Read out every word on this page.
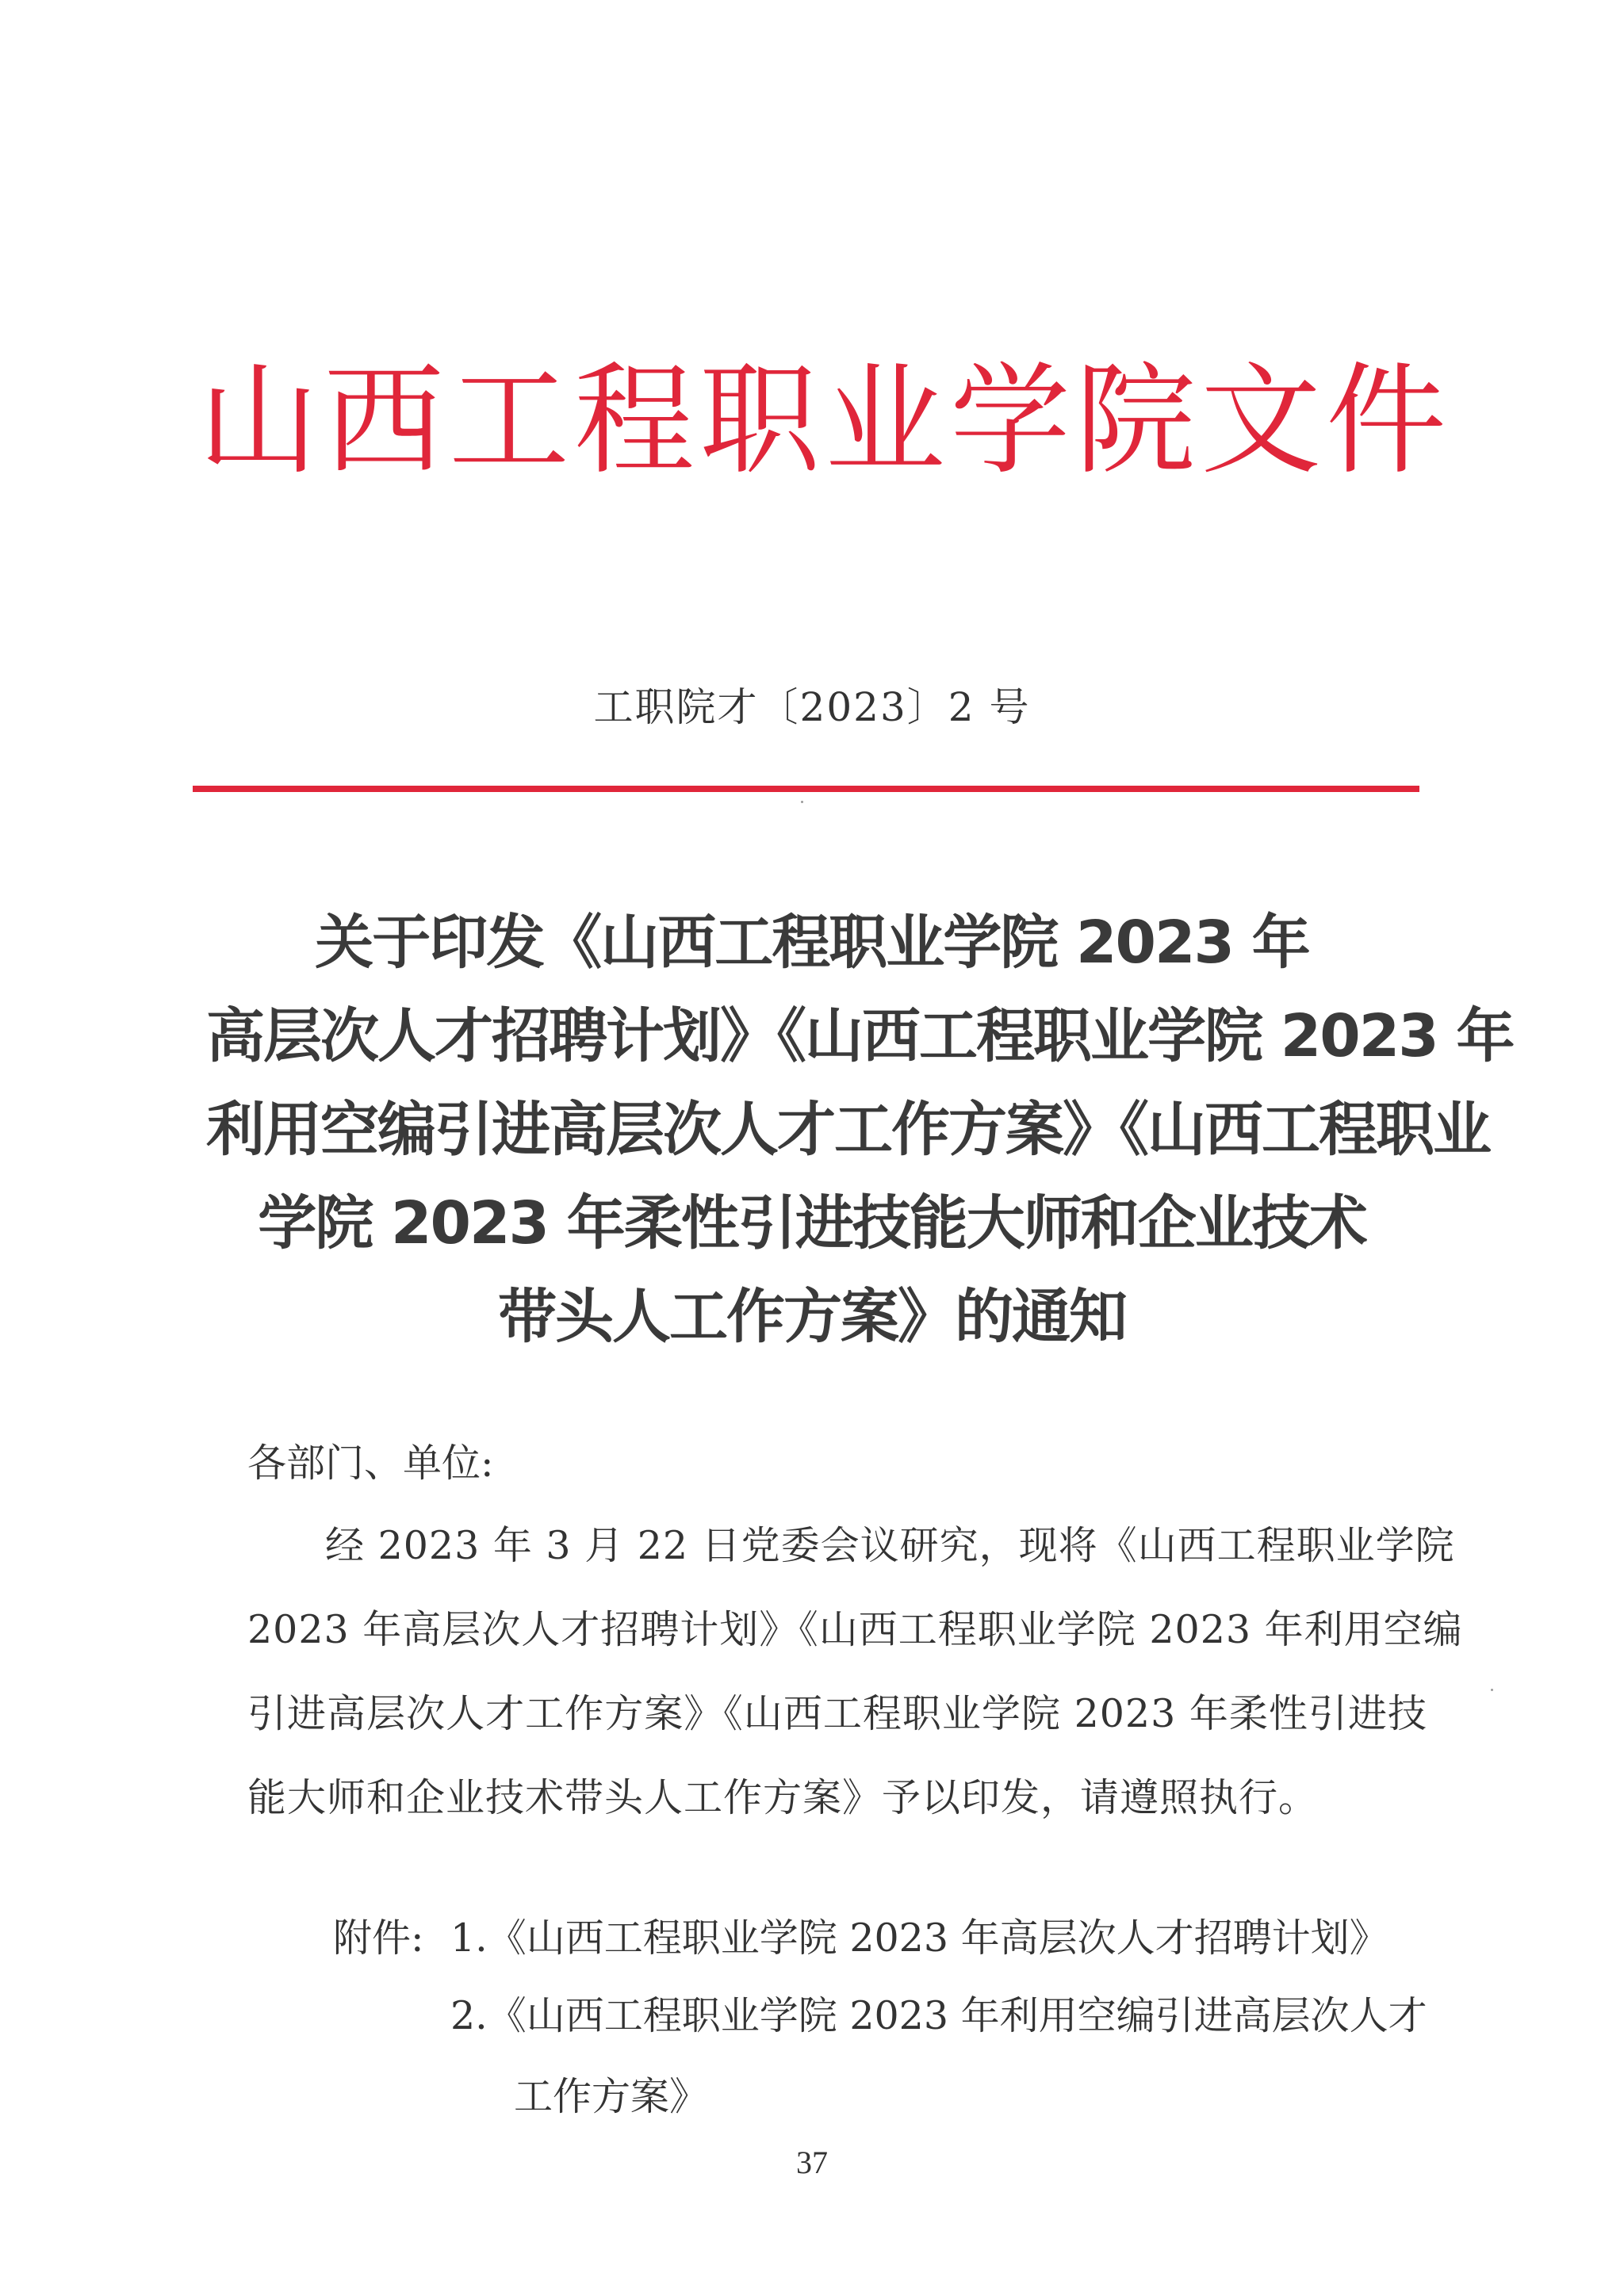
山西工程职业学院文件
工职院才〔2023〕2 号
关于印发《山西工程职业学院 2023 年
高层次人才招聘计划》《山西工程职业学院 2023 年
利用空编引进高层次人才工作方案》《山西工程职业
学院 2023 年柔性引进技能大师和企业技术
带头人工作方案》的通知
各部门、单位:
经 2023 年 3 月 22 日党委会议研究，现将《山西工程职业学院
2023 年高层次人才招聘计划》《山西工程职业学院 2023 年利用空编
引进高层次人才工作方案》《山西工程职业学院 2023 年柔性引进技
能大师和企业技术带头人工作方案》予以印发，请遵照执行。
附件: 1.《山西工程职业学院 2023 年高层次人才招聘计划》
2.《山西工程职业学院 2023 年利用空编引进高层次人才
工作方案》
37
